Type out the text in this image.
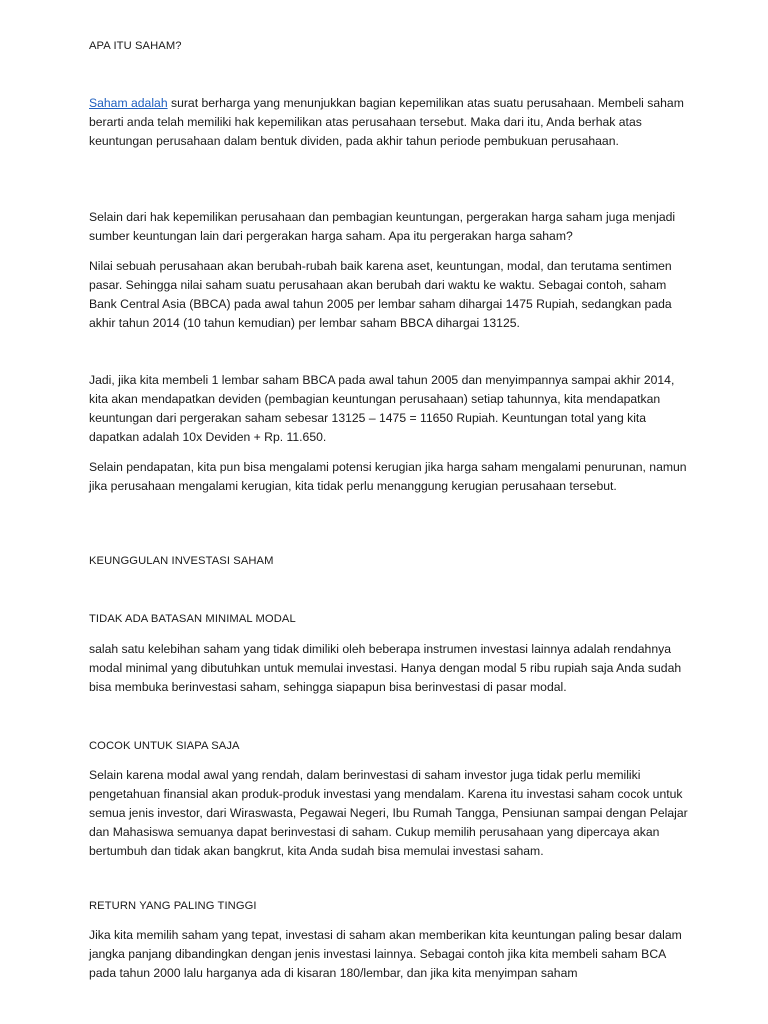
APA ITU SAHAM?

Saham adalah surat berharga yang menunjukkan bagian kepemilikan atas suatu perusahaan. Membeli saham berarti anda telah memiliki hak kepemilikan atas perusahaan tersebut. Maka dari itu, Anda berhak atas keuntungan perusahaan dalam bentuk dividen, pada akhir tahun periode pembukuan perusahaan.

Selain dari hak kepemilikan perusahaan dan pembagian keuntungan, pergerakan harga saham juga menjadi sumber keuntungan lain dari pergerakan harga saham. Apa itu pergerakan harga saham?

Nilai sebuah perusahaan akan berubah-rubah baik karena aset, keuntungan, modal, dan terutama sentimen pasar. Sehingga nilai saham suatu perusahaan akan berubah dari waktu ke waktu. Sebagai contoh, saham Bank Central Asia (BBCA) pada awal tahun 2005 per lembar saham dihargai 1475 Rupiah, sedangkan pada akhir tahun 2014 (10 tahun kemudian) per lembar saham BBCA dihargai 13125.

Jadi, jika kita membeli 1 lembar saham BBCA pada awal tahun 2005 dan menyimpannya sampai akhir 2014, kita akan mendapatkan deviden (pembagian keuntungan perusahaan) setiap tahunnya, kita mendapatkan keuntungan dari pergerakan saham sebesar 13125 – 1475 = 11650 Rupiah. Keuntungan total yang kita dapatkan adalah 10x Deviden + Rp. 11.650.

Selain pendapatan, kita pun bisa mengalami potensi kerugian jika harga saham mengalami penurunan, namun jika perusahaan mengalami kerugian, kita tidak perlu menanggung kerugian perusahaan tersebut.

KEUNGGULAN INVESTASI SAHAM
TIDAK ADA BATASAN MINIMAL MODAL

salah satu kelebihan saham yang tidak dimiliki oleh beberapa instrumen investasi lainnya adalah rendahnya modal minimal yang dibutuhkan untuk memulai investasi. Hanya dengan modal 5 ribu rupiah saja Anda sudah bisa membuka berinvestasi saham, sehingga siapapun bisa berinvestasi di pasar modal.

COCOK UNTUK SIAPA SAJA

Selain karena modal awal yang rendah, dalam berinvestasi di saham investor juga tidak perlu memiliki pengetahuan finansial akan produk-produk investasi yang mendalam. Karena itu investasi saham cocok untuk semua jenis investor, dari Wiraswasta, Pegawai Negeri, Ibu Rumah Tangga, Pensiunan sampai dengan Pelajar dan Mahasiswa semuanya dapat berinvestasi di saham. Cukup memilih perusahaan yang dipercaya akan bertumbuh dan tidak akan bangkrut, kita Anda sudah bisa memulai investasi saham.

RETURN YANG PALING TINGGI

Jika kita memilih saham yang tepat, investasi di saham akan memberikan kita keuntungan paling besar dalam jangka panjang dibandingkan dengan jenis investasi lainnya. Sebagai contoh jika kita membeli saham BCA pada tahun 2000 lalu harganya ada di kisaran 180/lembar, dan jika kita menyimpan saham
